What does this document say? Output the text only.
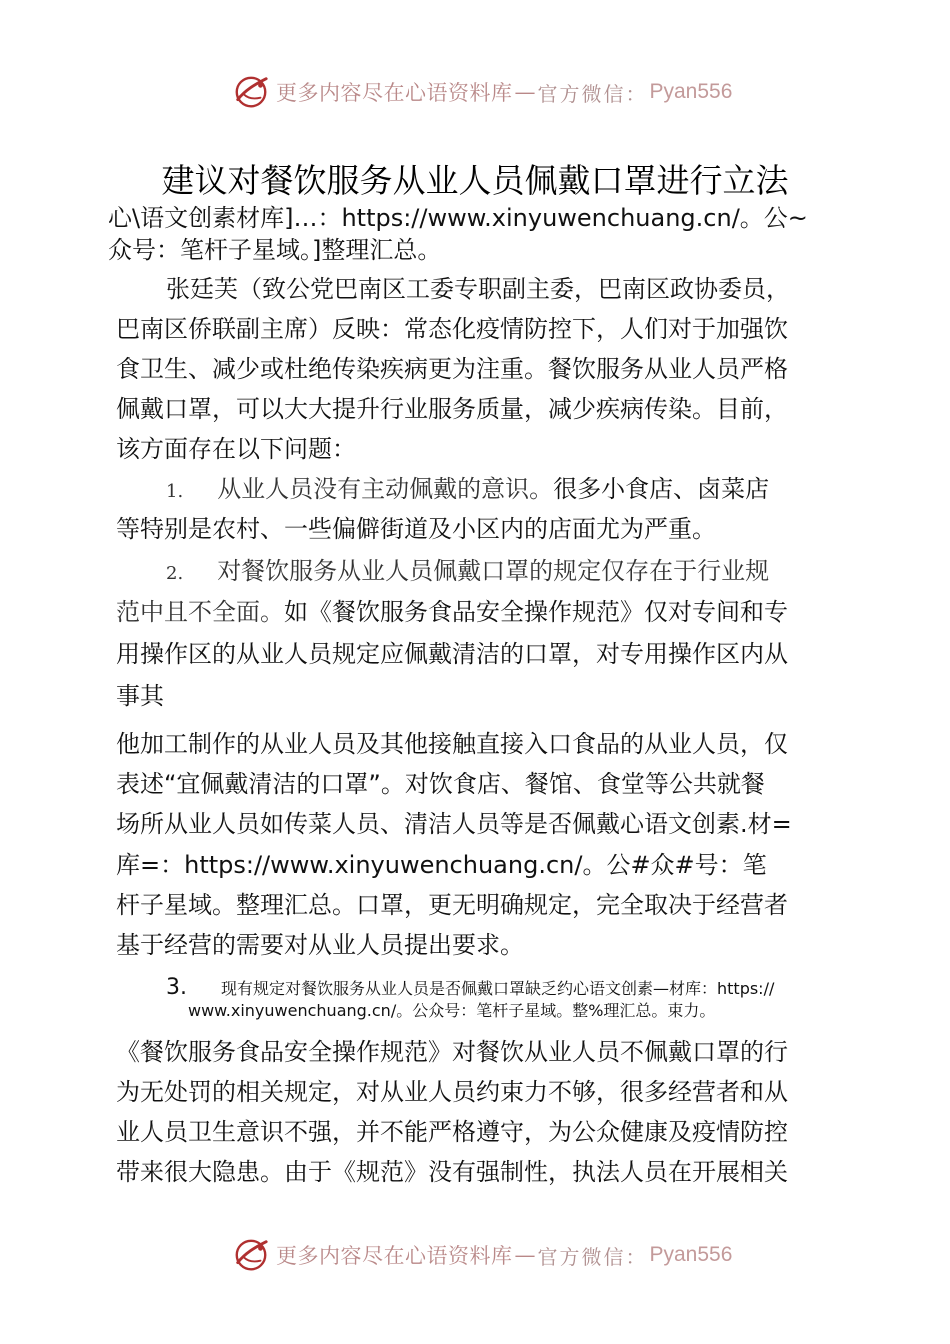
更多内容尽在心语资料库 — 官方微信： Pyan556
建议对餐饮服务从业人员佩戴口罩进行立法
心\语文创素材库]…：https://www.xinyuwenchuang.cn/。公~
众号：笔杆子星域。]整理汇总。
张廷芙（致公党巴南区工委专职副主委，巴南区政协委员，
巴南区侨联副主席）反映：常态化疫情防控下，人们对于加强饮
食卫生、减少或杜绝传染疾病更为注重。餐饮服务从业人员严格
佩戴口罩，可以大大提升行业服务质量，减少疾病传染。目前，
该方面存在以下问题：
1. 从业人员没有主动佩戴的意识。很多小食店、卤菜店
等特别是农村、一些偏僻街道及小区内的店面尤为严重。
2. 对餐饮服务从业人员佩戴口罩的规定仅存在于行业规
范中且不全面。如《餐饮服务食品安全操作规范》仅对专间和专
用操作区的从业人员规定应佩戴清洁的口罩，对专用操作区内从
事其
他加工制作的从业人员及其他接触直接入口食品的从业人员，仅
表述“宜佩戴清洁的口罩”。对饮食店、餐馆、食堂等公共就餐
场所从业人员如传菜人员、清洁人员等是否佩戴心语文创素.材=
库=：https://www.xinyuwenchuang.cn/。公#众#号：笔
杆子星域。整理汇总。口罩，更无明确规定，完全取决于经营者
基于经营的需要对从业人员提出要求。
3. 现有规定对餐饮服务从业人员是否佩戴口罩缺乏约心语文创素—材库：https://
www.xinyuwenchuang.cn/。公众号：笔杆子星域。整%理汇总。束力。
《餐饮服务食品安全操作规范》对餐饮从业人员不佩戴口罩的行
为无处罚的相关规定，对从业人员约束力不够，很多经营者和从
业人员卫生意识不强，并不能严格遵守，为公众健康及疫情防控
带来很大隐患。由于《规范》没有强制性，执法人员在开展相关
更多内容尽在心语资料库 — 官方微信： Pyan556
